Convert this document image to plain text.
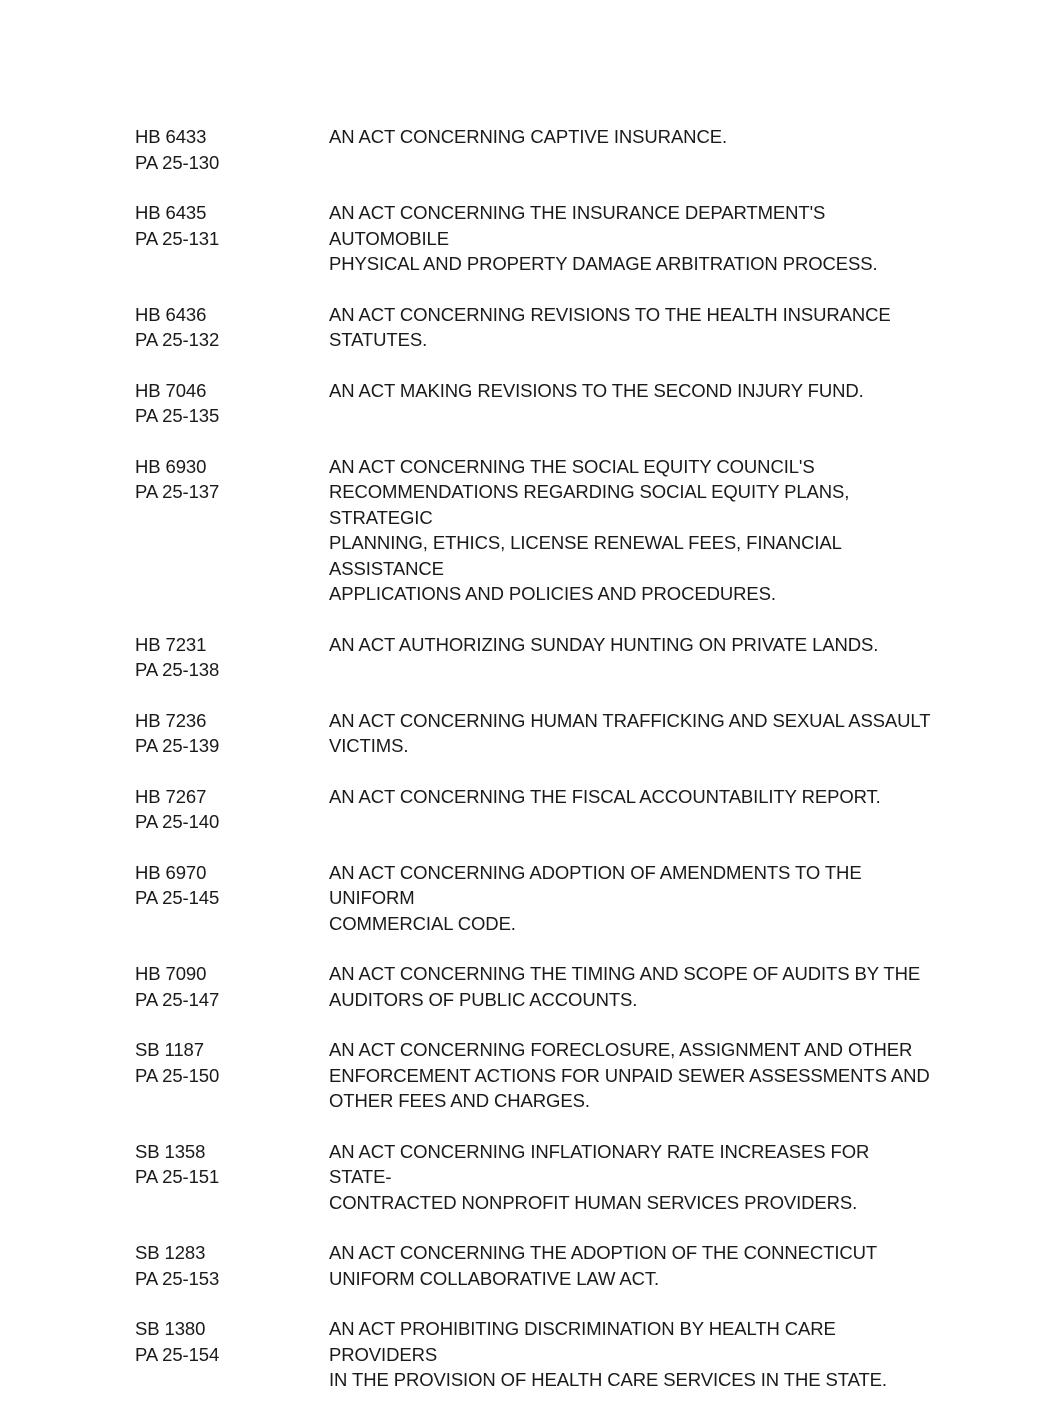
HB 6433
PA 25-130
AN ACT CONCERNING CAPTIVE INSURANCE.
HB 6435
PA 25-131
AN ACT CONCERNING THE INSURANCE DEPARTMENT'S AUTOMOBILE
PHYSICAL AND PROPERTY DAMAGE ARBITRATION PROCESS.
HB 6436
PA 25-132
AN ACT CONCERNING REVISIONS TO THE HEALTH INSURANCE
STATUTES.
HB 7046
PA 25-135
AN ACT MAKING REVISIONS TO THE SECOND INJURY FUND.
HB 6930
PA 25-137
AN ACT CONCERNING THE SOCIAL EQUITY COUNCIL'S
RECOMMENDATIONS REGARDING SOCIAL EQUITY PLANS, STRATEGIC
PLANNING, ETHICS, LICENSE RENEWAL FEES, FINANCIAL ASSISTANCE
APPLICATIONS AND POLICIES AND PROCEDURES.
HB 7231
PA 25-138
AN ACT AUTHORIZING SUNDAY HUNTING ON PRIVATE LANDS.
HB 7236
PA 25-139
AN ACT CONCERNING HUMAN TRAFFICKING AND SEXUAL ASSAULT
VICTIMS.
HB 7267
PA 25-140
AN ACT CONCERNING THE FISCAL ACCOUNTABILITY REPORT.
HB 6970
PA 25-145
AN ACT CONCERNING ADOPTION OF AMENDMENTS TO THE UNIFORM
COMMERCIAL CODE.
HB 7090
PA 25-147
AN ACT CONCERNING THE TIMING AND SCOPE OF AUDITS BY THE
AUDITORS OF PUBLIC ACCOUNTS.
SB 1187
PA 25-150
AN ACT CONCERNING FORECLOSURE, ASSIGNMENT AND OTHER
ENFORCEMENT ACTIONS FOR UNPAID SEWER ASSESSMENTS AND
OTHER FEES AND CHARGES.
SB 1358
PA 25-151
AN ACT CONCERNING INFLATIONARY RATE INCREASES FOR STATE-
CONTRACTED NONPROFIT HUMAN SERVICES PROVIDERS.
SB 1283
PA 25-153
AN ACT CONCERNING THE ADOPTION OF THE CONNECTICUT
UNIFORM COLLABORATIVE LAW ACT.
SB 1380
PA 25-154
AN ACT PROHIBITING DISCRIMINATION BY HEALTH CARE PROVIDERS
IN THE PROVISION OF HEALTH CARE SERVICES IN THE STATE.
